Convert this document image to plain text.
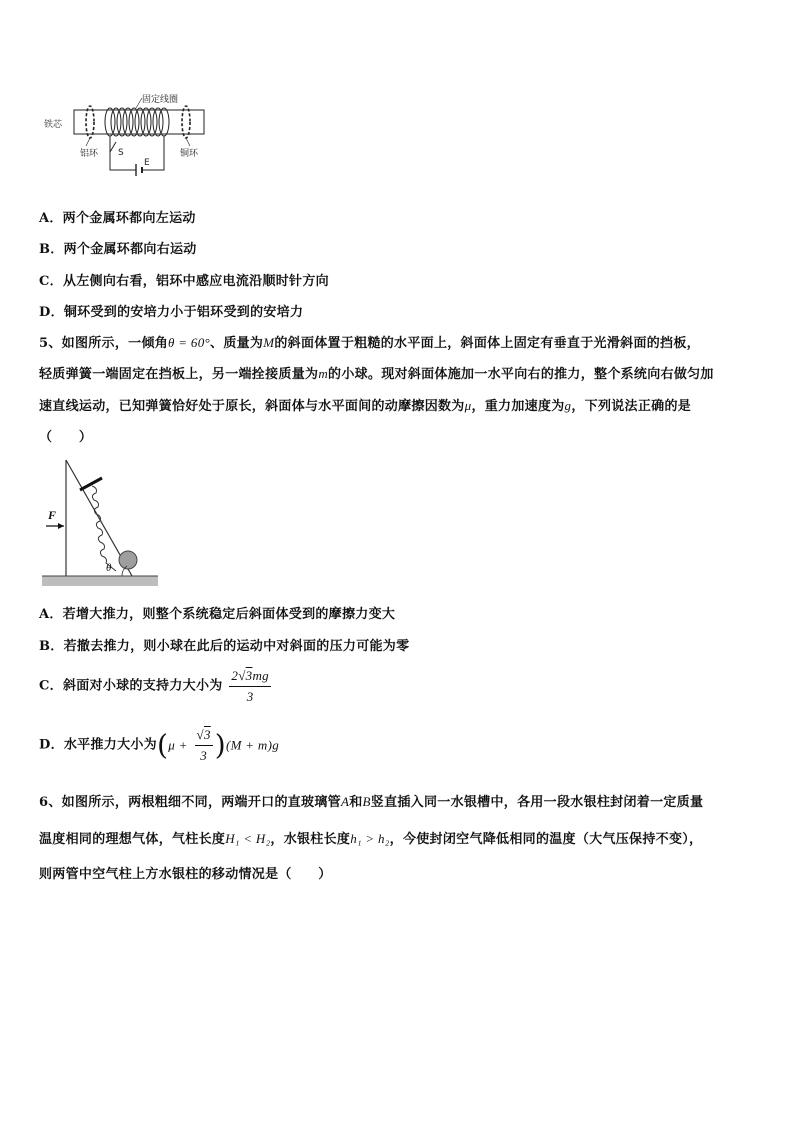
铁芯
固定线圈
铝环	铜环
S
E
A．两个金属环都向左运动
B．两个金属环都向右运动
C．从左侧向右看，铝环中感应电流沿顺时针方向
D．铜环受到的安培力小于铝环受到的安培力
5、如图所示，一倾角θ = 60°、质量为M的斜面体置于粗糙的水平面上，斜面体上固定有垂直于光滑斜面的挡板，
轻质弹簧一端固定在挡板上，另一端拴接质量为m的小球。现对斜面体施加一水平向右的推力，整个系统向右做匀加
速直线运动，已知弹簧恰好处于原长，斜面体与水平面间的动摩擦因数为μ，重力加速度为g，下列说法正确的是
（　　）
F
θ
A．若增大推力，则整个系统稳定后斜面体受到的摩擦力变大
B．若撤去推力，则小球在此后的运动中对斜面的压力可能为零
C．斜面对小球的支持力大小为 $\frac{2√3mg}{3}$
D．水平推力大小为$(\mu + \frac{√3}{3} )(M + m)g$
6、如图所示，两根粗细不同，两端开口的直玻璃管A和B竖直插入同一水银槽中，各用一段水银柱封闭着一定质量
温度相同的理想气体，气柱长度H₁ < H₂，水银柱长度h₁ > h₂，今使封闭空气降低相同的温度（大气压保持不变），
则两管中空气柱上方水银柱的移动情况是（　　）
